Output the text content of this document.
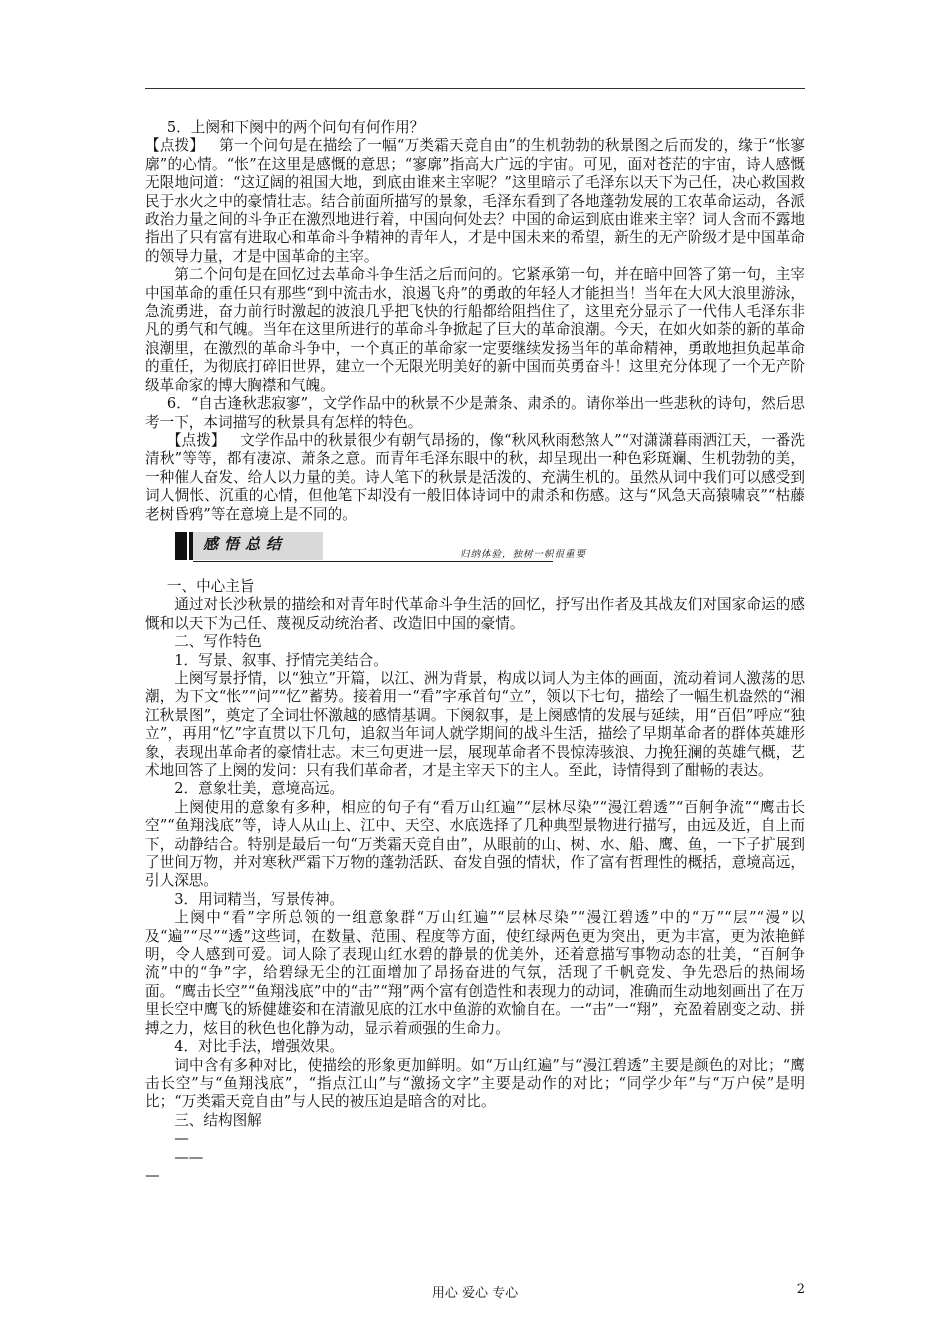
5．上阕和下阕中的两个问句有何作用？

【点拨】  第一个问句是在描绘了一幅“万类霜天竞自由”的生机勃勃的秋景图之后而发的，缘于“怅寥廓”的心情。“怅”在这里是感慨的意思；“寥廓”指高大广远的宇宙。可见，面对苍茫的宇宙，诗人感慨无限地问道：“这辽阔的祖国大地，到底由谁来主宰呢？”这里暗示了毛泽东以天下为己任，决心救国救民于水火之中的豪情壮志。结合前面所描写的景象，毛泽东看到了各地蓬勃发展的工农革命运动，各派政治力量之间的斗争正在激烈地进行着，中国向何处去？中国的命运到底由谁来主宰？词人含而不露地指出了只有富有进取心和革命斗争精神的青年人，才是中国未来的希望，新生的无产阶级才是中国革命的领导力量，才是中国革命的主宰。

第二个问句是在回忆过去革命斗争生活之后而问的。它紧承第一句，并在暗中回答了第一句，主宰中国革命的重任只有那些“到中流击水，浪遏飞舟”的勇敢的年轻人才能担当！当年在大风大浪里游泳，急流勇进，奋力前行时激起的波浪几乎把飞快的行船都给阻挡住了，这里充分显示了一代伟人毛泽东非凡的勇气和气魄。当年在这里所进行的革命斗争掀起了巨大的革命浪潮。今天，在如火如荼的新的革命浪潮里，在激烈的革命斗争中，一个真正的革命家一定要继续发扬当年的革命精神，勇敢地担负起革命的重任，为彻底打碎旧世界，建立一个无限光明美好的新中国而英勇奋斗！这里充分体现了一个无产阶级革命家的博大胸襟和气魄。

6．“自古逢秋悲寂寥”，文学作品中的秋景不少是萧条、肃杀的。请你举出一些悲秋的诗句，然后思考一下，本词描写的秋景具有怎样的特色。

【点拨】  文学作品中的秋景很少有朝气昂扬的，像“秋风秋雨愁煞人”“对潇潇暮雨洒江天，一番洗清秋”等等，都有凄凉、萧条之意。而青年毛泽东眼中的秋，却呈现出一种色彩斑斓、生机勃勃的美，一种催人奋发、给人以力量的美。诗人笔下的秋景是活泼的、充满生机的。虽然从词中我们可以感受到词人惆怅、沉重的心情，但他笔下却没有一般旧体诗词中的肃杀和伤感。这与“风急天高猿啸哀”“枯藤老树昏鸦”等在意境上是不同的。

感悟总结
归纳体验，独树一帜很重要

一、中心主旨

通过对长沙秋景的描绘和对青年时代革命斗争生活的回忆，抒写出作者及其战友们对国家命运的感慨和以天下为己任、蔑视反动统治者、改造旧中国的豪情。

二、写作特色

1．写景、叙事、抒情完美结合。

上阕写景抒情，以“独立”开篇，以江、洲为背景，构成以词人为主体的画面，流动着词人激荡的思潮，为下文“怅”“问”“忆”蓄势。接着用一“看”字承首句“立”，领以下七句，描绘了一幅生机盎然的“湘江秋景图”，奠定了全词壮怀激越的感情基调。下阕叙事，是上阕感情的发展与延续，用“百侣”呼应“独立”，再用“忆”字直贯以下几句，追叙当年词人就学期间的战斗生活，描绘了早期革命者的群体英雄形象，表现出革命者的豪情壮志。末三句更进一层，展现革命者不畏惊涛骇浪、力挽狂澜的英雄气概，艺术地回答了上阕的发问：只有我们革命者，才是主宰天下的主人。至此，诗情得到了酣畅的表达。

2．意象壮美，意境高远。

上阕使用的意象有多种，相应的句子有“看万山红遍”“层林尽染”“漫江碧透”“百舸争流”“鹰击长空”“鱼翔浅底”等，诗人从山上、江中、天空、水底选择了几种典型景物进行描写，由远及近，自上而下，动静结合。特别是最后一句“万类霜天竞自由”，从眼前的山、树、水、船、鹰、鱼，一下子扩展到了世间万物，并对寒秋严霜下万物的蓬勃活跃、奋发自强的情状，作了富有哲理性的概括，意境高远，引人深思。

3．用词精当，写景传神。

上阕中“看”字所总领的一组意象群“万山红遍”“层林尽染”“漫江碧透”中的“万”“层”“漫”以及“遍”“尽”“透”这些词，在数量、范围、程度等方面，使红绿两色更为突出，更为丰富，更为浓艳鲜明，令人感到可爱。词人除了表现山红水碧的静景的优美外，还着意描写事物动态的壮美，“百舸争流”中的“争”字，给碧绿无尘的江面增加了昂扬奋进的气氛，活现了千帆竞发、争先恐后的热闹场面。“鹰击长空”“鱼翔浅底”中的“击”“翔”两个富有创造性和表现力的动词，准确而生动地刻画出了在万里长空中鹰飞的矫健雄姿和在清澈见底的江水中鱼游的欢愉自在。一“击”一“翔”，充盈着剧变之动、拼搏之力，炫目的秋色也化静为动，显示着顽强的生命力。

4．对比手法，增强效果。

词中含有多种对比，使描绘的形象更加鲜明。如“万山红遍”与“漫江碧透”主要是颜色的对比；“鹰击长空”与“鱼翔浅底”，“指点江山”与“激扬文字”主要是动作的对比；“同学少年”与“万户侯”是明比；“万类霜天竞自由”与人民的被压迫是暗含的对比。

三、结构图解

—

——

—

用心 爱心 专心	2
